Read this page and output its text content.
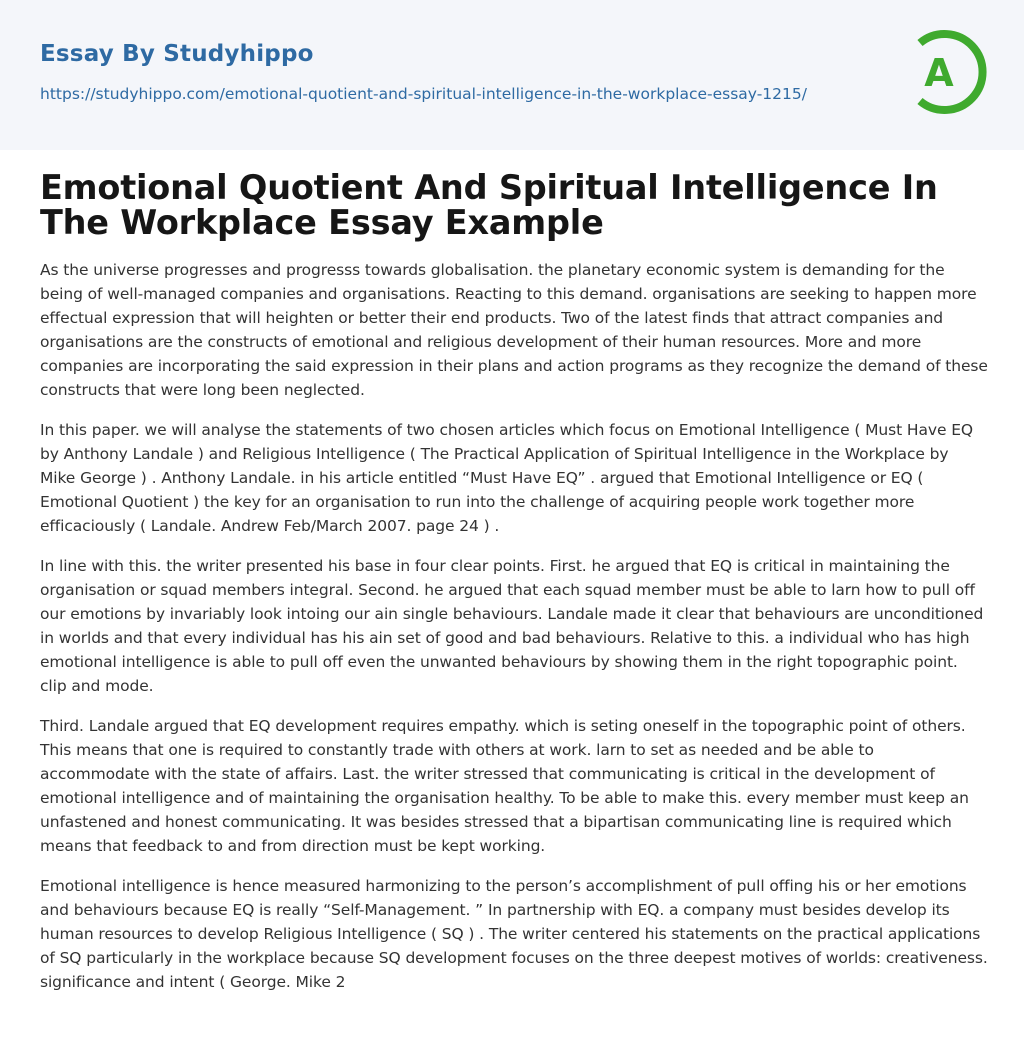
Essay By Studyhippo
https://studyhippo.com/emotional-quotient-and-spiritual-intelligence-in-the-workplace-essay-1215/	A
Emotional Quotient And Spiritual Intelligence In The Workplace Essay Example

As the universe progresses and progresss towards globalisation. the planetary economic system is demanding for the being of well-managed companies and organisations. Reacting to this demand. organisations are seeking to happen more effectual expression that will heighten or better their end products. Two of the latest finds that attract companies and organisations are the constructs of emotional and religious development of their human resources. More and more companies are incorporating the said expression in their plans and action programs as they recognize the demand of these constructs that were long been neglected.

In this paper. we will analyse the statements of two chosen articles which focus on Emotional Intelligence ( Must Have EQ by Anthony Landale ) and Religious Intelligence ( The Practical Application of Spiritual Intelligence in the Workplace by Mike George ) . Anthony Landale. in his article entitled “Must Have EQ” . argued that Emotional Intelligence or EQ ( Emotional Quotient ) the key for an organisation to run into the challenge of acquiring people work together more efficaciously ( Landale. Andrew Feb/March 2007. page 24 ) .

In line with this. the writer presented his base in four clear points. First. he argued that EQ is critical in maintaining the organisation or squad members integral. Second. he argued that each squad member must be able to larn how to pull off our emotions by invariably look intoing our ain single behaviours. Landale made it clear that behaviours are unconditioned in worlds and that every individual has his ain set of good and bad behaviours. Relative to this. a individual who has high emotional intelligence is able to pull off even the unwanted behaviours by showing them in the right topographic point. clip and mode.

Third. Landale argued that EQ development requires empathy. which is seting oneself in the topographic point of others. This means that one is required to constantly trade with others at work. larn to set as needed and be able to accommodate with the state of affairs. Last. the writer stressed that communicating is critical in the development of emotional intelligence and of maintaining the organisation healthy. To be able to make this. every member must keep an unfastened and honest communicating. It was besides stressed that a bipartisan communicating line is required which means that feedback to and from direction must be kept working.

Emotional intelligence is hence measured harmonizing to the person’s accomplishment of pull offing his or her emotions and behaviours because EQ is really “Self-Management. ” In partnership with EQ. a company must besides develop its human resources to develop Religious Intelligence ( SQ ) . The writer centered his statements on the practical applications of SQ particularly in the workplace because SQ development focuses on the three deepest motives of worlds: creativeness. significance and intent ( George. Mike 2
